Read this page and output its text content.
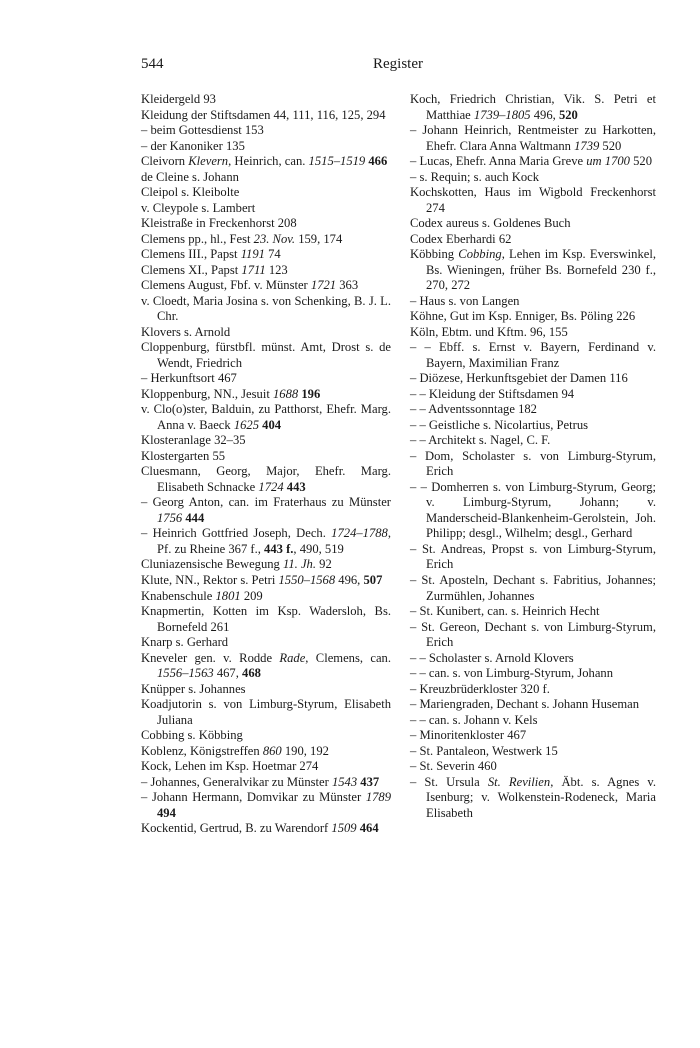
544	Register
Kleidergeld 93
Kleidung der Stiftsdamen 44, 111, 116, 125, 294
– beim Gottesdienst 153
– der Kanoniker 135
Cleivorn Klevern, Heinrich, can. 1515–1519 466
de Cleine s. Johann
Cleipol s. Kleibolte
v. Cleypole s. Lambert
Kleistraße in Freckenhorst 208
Clemens pp., hl., Fest 23. Nov. 159, 174
Clemens III., Papst 1191 74
Clemens XI., Papst 1711 123
Clemens August, Fbf. v. Münster 1721 363
v. Cloedt, Maria Josina s. von Schenking, B. J. L. Chr.
Klovers s. Arnold
Cloppenburg, fürstbfl. münst. Amt, Drost s. de Wendt, Friedrich
– Herkunftsort 467
Kloppenburg, NN., Jesuit 1688 196
v. Clo(o)ster, Balduin, zu Patthorst, Ehefr. Marg. Anna v. Baeck 1625 404
Klosteranlage 32–35
Klostergarten 55
Cluesmann, Georg, Major, Ehefr. Marg. Elisabeth Schnacke 1724 443
– Georg Anton, can. im Fraterhaus zu Münster 1756 444
– Heinrich Gottfried Joseph, Dech. 1724–1788, Pf. zu Rheine 367 f., 443 f., 490, 519
Cluniazensische Bewegung 11. Jh. 92
Klute, NN., Rektor s. Petri 1550–1568 496, 507
Knabenschule 1801 209
Knapmertin, Kotten im Ksp. Wadersloh, Bs. Bornefeld 261
Knarp s. Gerhard
Kneveler gen. v. Rodde Rade, Clemens, can. 1556–1563 467, 468
Knüpper s. Johannes
Koadjutorin s. von Limburg-Styrum, Elisabeth Juliana
Cobbing s. Köbbing
Koblenz, Königstreffen 860 190, 192
Kock, Lehen im Ksp. Hoetmar 274
– Johannes, Generalvikar zu Münster 1543 437
– Johann Hermann, Domvikar zu Münster 1789 494
Kockentid, Gertrud, B. zu Warendorf 1509 464
Koch, Friedrich Christian, Vik. S. Petri et Matthiae 1739–1805 496, 520
– Johann Heinrich, Rentmeister zu Harkotten, Ehefr. Clara Anna Waltmann 1739 520
– Lucas, Ehefr. Anna Maria Greve um 1700 520
– s. Requin; s. auch Kock
Kochskotten, Haus im Wigbold Freckenhorst 274
Codex aureus s. Goldenes Buch
Codex Eberhardi 62
Köbbing Cobbing, Lehen im Ksp. Everswinkel, Bs. Wieningen, früher Bs. Bornefeld 230 f., 270, 272
– Haus s. von Langen
Köhne, Gut im Ksp. Enniger, Bs. Pöling 226
Köln, Ebtm. und Kftm. 96, 155
– – Ebff. s. Ernst v. Bayern, Ferdinand v. Bayern, Maximilian Franz
– Diözese, Herkunftsgebiet der Damen 116
– – Kleidung der Stiftsdamen 94
– – Adventssonntage 182
– – Geistliche s. Nicolartius, Petrus
– – Architekt s. Nagel, C. F.
– Dom, Scholaster s. von Limburg-Styrum, Erich
– – Domherren s. von Limburg-Styrum, Georg; v. Limburg-Styrum, Johann; v. Manderscheid-Blankenheim-Gerolstein, Joh. Philipp; desgl., Wilhelm; desgl., Gerhard
– St. Andreas, Propst s. von Limburg-Styrum, Erich
– St. Aposteln, Dechant s. Fabritius, Johannes; Zurmühlen, Johannes
– St. Kunibert, can. s. Heinrich Hecht
– St. Gereon, Dechant s. von Limburg-Styrum, Erich
– – Scholaster s. Arnold Klovers
– – can. s. von Limburg-Styrum, Johann
– Kreuzbrüderkloster 320 f.
– Mariengraden, Dechant s. Johann Huseman
– – can. s. Johann v. Kels
– Minoritenkloster 467
– St. Pantaleon, Westwerk 15
– St. Severin 460
– St. Ursula St. Revilien, Äbt. s. Agnes v. Isenburg; v. Wolkenstein-Rodeneck, Maria Elisabeth
